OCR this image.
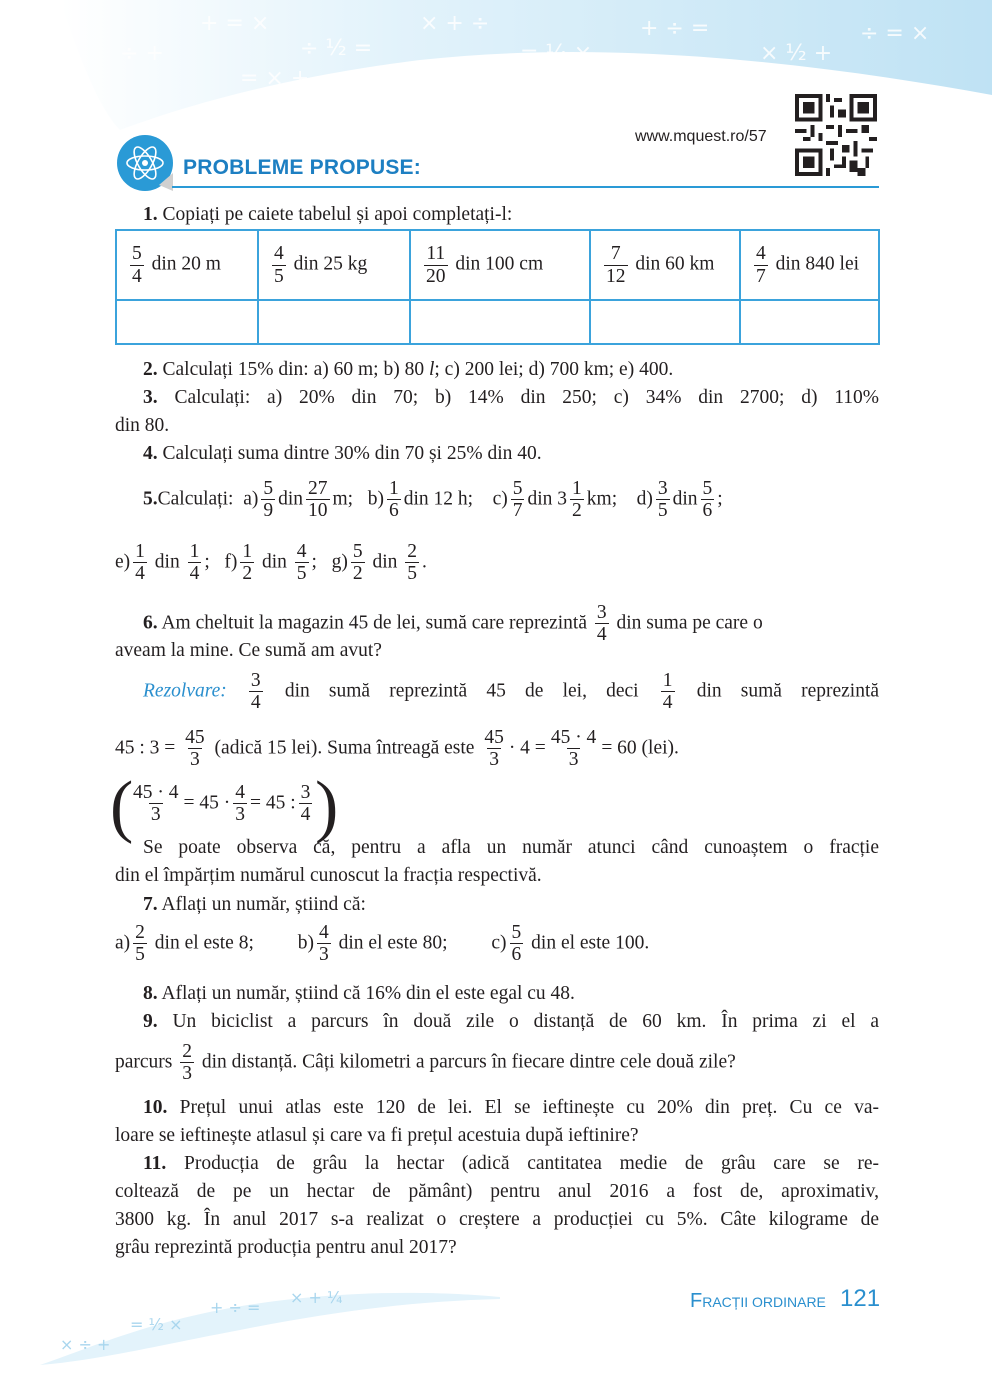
+ = ×
÷ ½ =
× + ÷
= ¼ ×
+ ÷ =
× ½ +
÷ = ×
= × +
÷ +
PROBLEME PROPUSE:
www.mquest.ro/57
1. Copiați pe caiete tabelul și apoi completați-l:
$\frac{5}{4}$ din 20 m	$\frac{4}{5}$ din 25 kg	$\frac{11}{20}$ din 100 cm	$\frac{7}{12}$ din 60 km	$\frac{4}{7}$ din 840 lei

2. Calculați 15% din: a) 60 m; b) 80 l; c) 200 lei; d) 700 km; e) 400.
3. Calculați: a) 20% din 70; b) 14% din 250; c) 34% din 2700; d) 110%
din 80.
4. Calculați suma dintre 30% din 70 și 25% din 40.
5.Calculați: $a) \frac{5}{9}$ din $\frac{27}{10} m$; $b) \frac{1}{6}$ din 12 h; $c) \frac{5}{7}$ din $3 \frac{1}{2}$ km; $d) \frac{3}{5}$ din $\frac{5}{6}$ ;
$e) \frac{1}{4}$ din $\frac{1}{4}$ ; $f) \frac{1}{2}$ din $\frac{4}{5}$ ; $g) \frac{5}{2}$ din $\frac{2}{5}$ .
6. Am cheltuit la magazin 45 de lei, sumă care reprezintă $\frac{3}{4}$ din suma pe care o
aveam la mine. Ce sumă am avut?
Rezolvare: $\frac{3}{4}$ din sumă reprezintă 45 de lei, deci $\frac{1}{4}$ din sumă reprezintă
45 : $3 = \frac{45}{3}$ (adică 15 lei). Suma întreagă este $\frac{45}{3} \cdot 4 = \frac{45 \cdot 4}{3} = 60$ (lei).
(
$\frac{45 \cdot 4}{3} = 45 \cdot \frac{4}{3} = 45$ : $\frac{3}{4}$ )
Se poate observa că, pentru a afla un număr atunci când cunoaștem o fracție
din el împărțim numărul cunoscut la fracția respectivă.
7. Aflați un număr, știind că:
$a) \frac{2}{5}$ din el este 8; $b) \frac{4}{3}$ din el este 80; $c) \frac{5}{6}$ din el este 100.
8. Aflați un număr, știind că 16% din el este egal cu 48.
9. Un biciclist a parcurs în două zile o distanță de 60 km. În prima zi el a
parcurs $\frac{2}{3}$ din distanță. Câți kilometri a parcurs în fiecare dintre cele două zile?
10. Prețul unui atlas este 120 de lei. El se ieftinește cu 20% din preț. Cu ce va-
loare se ieftinește atlasul și care va fi prețul acestuia după ieftinire?
11. Producția de grâu la hectar (adică cantitatea medie de grâu care se re-
coltează de pe un hectar de pământ) pentru anul 2016 a fost de, aproximativ,
3800 kg. În anul 2017 s-a realizat o creștere a producției cu 5%. Câte kilograme de
grâu reprezintă producția pentru anul 2017?
× ÷ +
= ½ ×
+ ÷ =
× + ¼	FRACȚII ORDINARE 121
